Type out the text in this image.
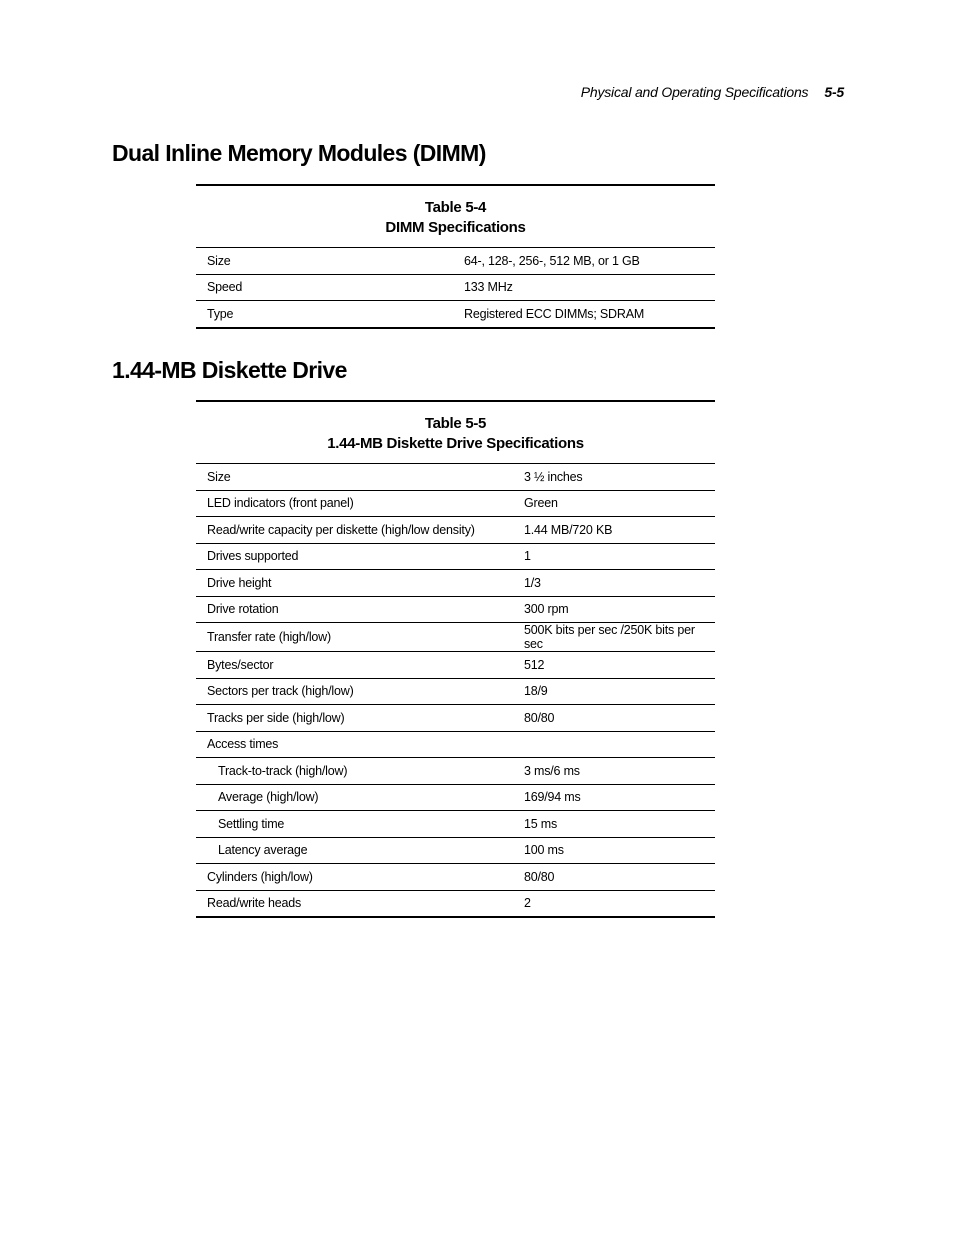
Physical and Operating Specifications 5-5
Dual Inline Memory Modules (DIMM)
Table 5-4
DIMM Specifications
Size	64-, 128-, 256-, 512 MB, or 1 GB
Speed	133 MHz
Type	Registered ECC DIMMs; SDRAM
1.44-MB Diskette Drive
Table 5-5
1.44-MB Diskette Drive Specifications
Size	3 ½ inches
LED indicators (front panel)	Green
Read/write capacity per diskette (high/low density)	1.44 MB/720 KB
Drives supported	1
Drive height	1/3
Drive rotation	300 rpm
Transfer rate (high/low)	500K bits per sec /250K bits per sec
Bytes/sector	512
Sectors per track (high/low)	18/9
Tracks per side (high/low)	80/80
Access times	
Track-to-track (high/low)	3 ms/6 ms
Average (high/low)	169/94 ms
Settling time	15 ms
Latency average	100 ms
Cylinders (high/low)	80/80
Read/write heads	2
